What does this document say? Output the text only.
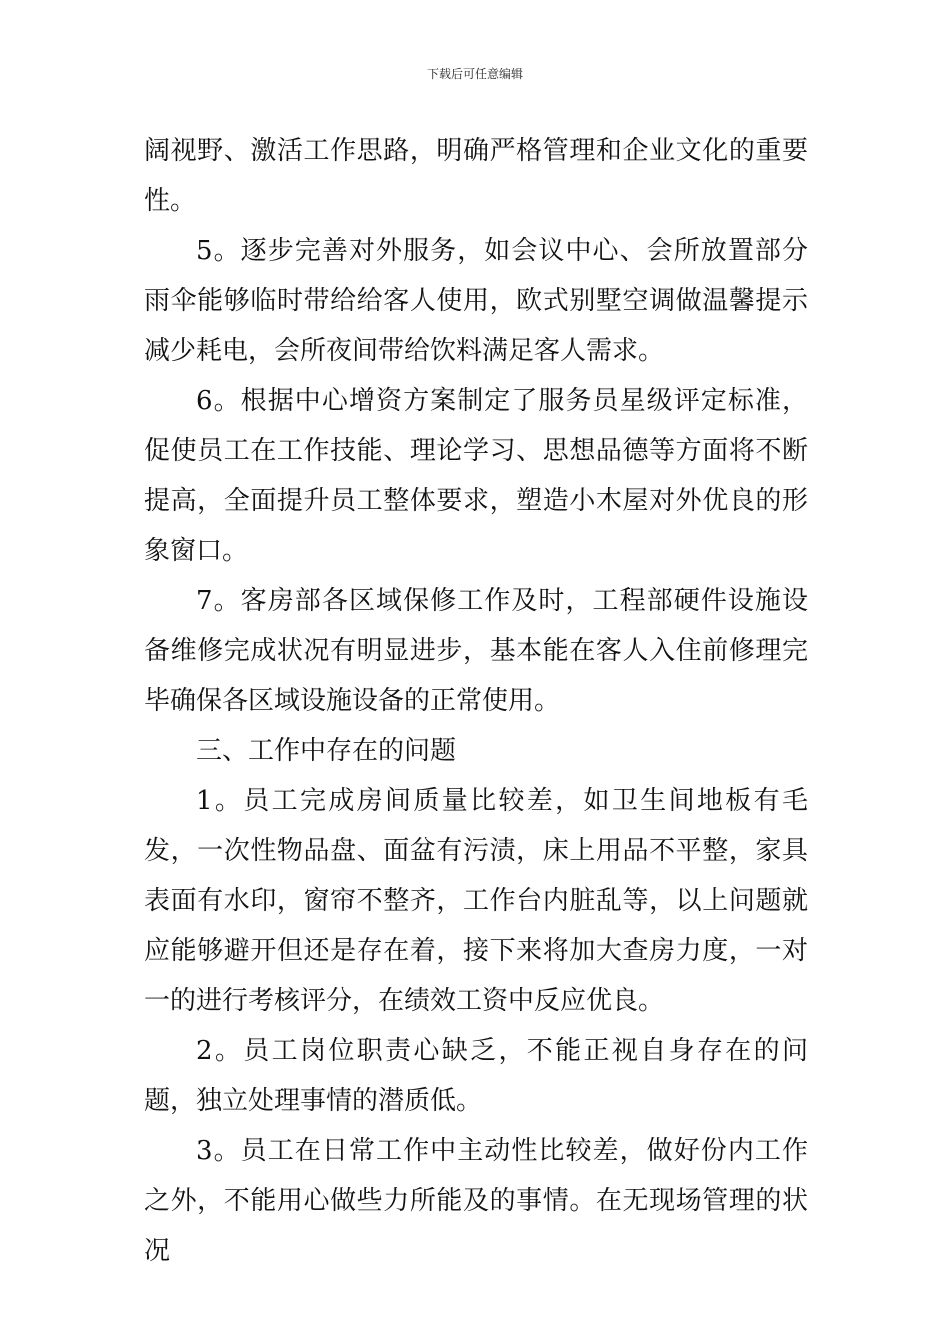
下载后可任意编辑

阔视野、激活工作思路，明确严格管理和企业文化的重要性。

5。逐步完善对外服务，如会议中心、会所放置部分雨伞能够临时带给给客人使用，欧式别墅空调做温馨提示减少耗电，会所夜间带给饮料满足客人需求。

6。根据中心增资方案制定了服务员星级评定标准，促使员工在工作技能、理论学习、思想品德等方面将不断提高，全面提升员工整体要求，塑造小木屋对外优良的形象窗口。

7。客房部各区域保修工作及时，工程部硬件设施设备维修完成状况有明显进步，基本能在客人入住前修理完毕确保各区域设施设备的正常使用。

三、工作中存在的问题

1。员工完成房间质量比较差，如卫生间地板有毛发，一次性物品盘、面盆有污渍，床上用品不平整，家具表面有水印，窗帘不整齐，工作台内脏乱等，以上问题就应能够避开但还是存在着，接下来将加大查房力度，一对一的进行考核评分，在绩效工资中反应优良。

2。员工岗位职责心缺乏，不能正视自身存在的问题，独立处理事情的潜质低。

3。员工在日常工作中主动性比较差，做好份内工作之外，不能用心做些力所能及的事情。在无现场管理的状况
